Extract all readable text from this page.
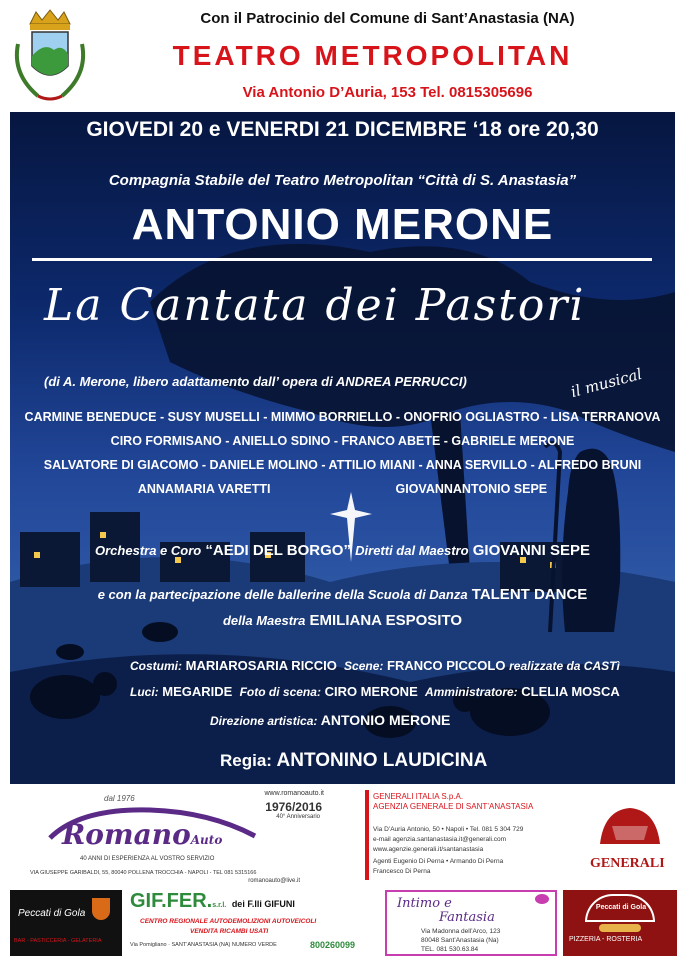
Con il Patrocinio del Comune di Sant’Anastasia (NA)
TEATRO METROPOLITAN
Via Antonio D’Auria, 153 Tel. 0815305696
GIOVEDI 20 e VENERDI 21 DICEMBRE ‘18 ore 20,30
Compagnia Stabile del Teatro Metropolitan “Città di S. Anastasia”
ANTONIO MERONE
La Cantata dei Pastori
il musical
(di A. Merone, libero adattamento dall’ opera di ANDREA PERRUCCI)
CARMINE BENEDUCE - SUSY MUSELLI - MIMMO BORRIELLO - ONOFRIO OGLIASTRO - LISA TERRANOVA
CIRO FORMISANO - ANIELLO SDINO - FRANCO ABETE - GABRIELE MERONE
SALVATORE DI GIACOMO - DANIELE MOLINO - ATTILIO MIANI - ANNA SERVILLO - ALFREDO BRUNI
ANNAMARIA VARETTI                                    GIOVANNANTONIO SEPE
Orchestra e Coro “AEDI DEL BORGO” Diretti dal Maestro GIOVANNI SEPE
e con la partecipazione delle ballerine della Scuola di Danza TALENT DANCE
della Maestra EMILIANA ESPOSITO
Costumi: MARIAROSARIA RICCIO Scene: FRANCO PICCOLO realizzate da CASTì
Luci: MEGARIDE Foto di scena: CIRO MERONE Amministratore: CLELIA MOSCA
Direzione artistica: ANTONIO MERONE
Regia: ANTONINO LAUDICINA
www.romanoauto.it
1976/2016
40° Anniversario
dal 1976
RomanoAuto
40 ANNI DI ESPERIENZA AL VOSTRO SERVIZIO
VIA GIUSEPPE GARIBALDI, 55, 80040 POLLENA TROCCHIA - NAPOLI - TEL 081 5315166
romanoauto@live.it
GENERALI ITALIA S.p.A.
AGENZIA GENERALE DI SANT’ANASTASIA
Via D’Auria Antonio, 50 • Napoli • Tel. 081 5 304 729
e-mail agenzia.santanastasia.it@generali.com
www.agenzie.generali.it/santanastasia
Agenti Eugenio Di Perna • Armando Di Perna
Francesco Di Perna
GENERALI
Peccati di Gola
BAR - PASTICCERIA - GELATERIA
GIF.FER.s.r.l. dei F.lli GIFUNI
CENTRO REGIONALE AUTODEMOLIZIONI AUTOVEICOLI
VENDITA RICAMBI USATI
Via Pomigliano · SANT’ANASTASIA (NA) NUMERO VERDE	800260099
Intimo e
Fantasia
Via Madonna dell’Arco, 123
80048 Sant’Anastasia (Na)
TEL. 081 530.63.84
Peccati di Gola
PIZZERIA - ROSTERIA
